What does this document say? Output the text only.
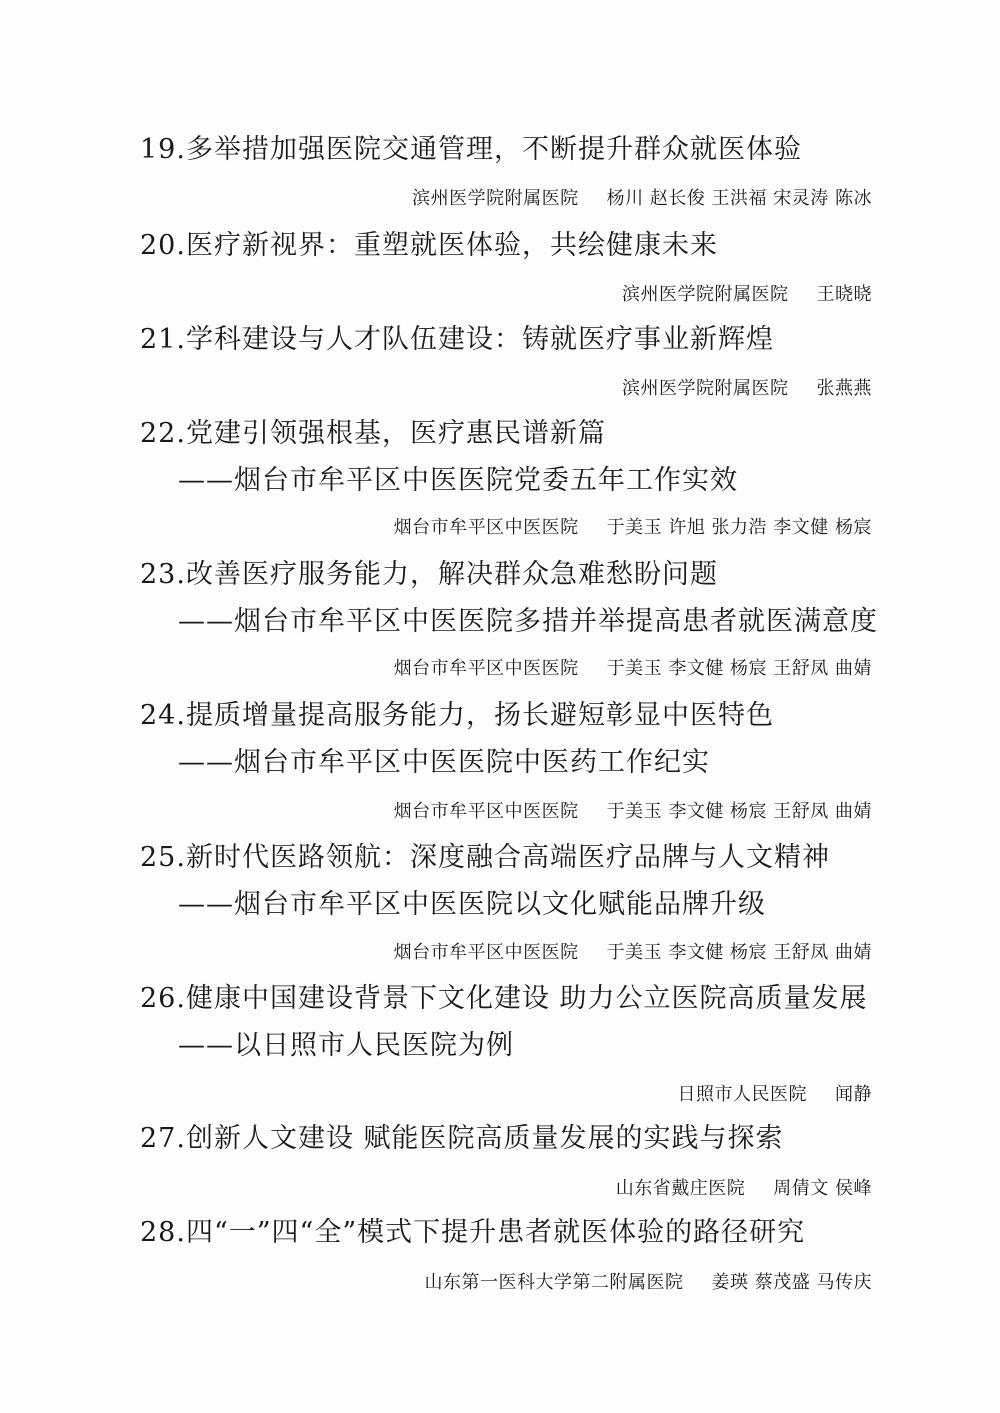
19.多举措加强医院交通管理，不断提升群众就医体验
滨州医学院附属医院 杨川 赵长俊 王洪福 宋灵涛 陈冰
20.医疗新视界：重塑就医体验，共绘健康未来
滨州医学院附属医院 王晓晓
21.学科建设与人才队伍建设：铸就医疗事业新辉煌
滨州医学院附属医院 张燕燕
22.党建引领强根基，医疗惠民谱新篇
——烟台市牟平区中医医院党委五年工作实效
烟台市牟平区中医医院 于美玉 许旭 张力浩 李文健 杨宸
23.改善医疗服务能力，解决群众急难愁盼问题
——烟台市牟平区中医医院多措并举提高患者就医满意度
烟台市牟平区中医医院 于美玉 李文健 杨宸 王舒凤 曲婧
24.提质增量提高服务能力，扬长避短彰显中医特色
——烟台市牟平区中医医院中医药工作纪实
烟台市牟平区中医医院 于美玉 李文健 杨宸 王舒凤 曲婧
25.新时代医路领航：深度融合高端医疗品牌与人文精神
——烟台市牟平区中医医院以文化赋能品牌升级
烟台市牟平区中医医院 于美玉 李文健 杨宸 王舒凤 曲婧
26.健康中国建设背景下文化建设 助力公立医院高质量发展
——以日照市人民医院为例
日照市人民医院 闻静
27.创新人文建设 赋能医院高质量发展的实践与探索
山东省戴庄医院 周倩文 侯峰
28.四“一”四“全”模式下提升患者就医体验的路径研究
山东第一医科大学第二附属医院 姜瑛 蔡茂盛 马传庆
